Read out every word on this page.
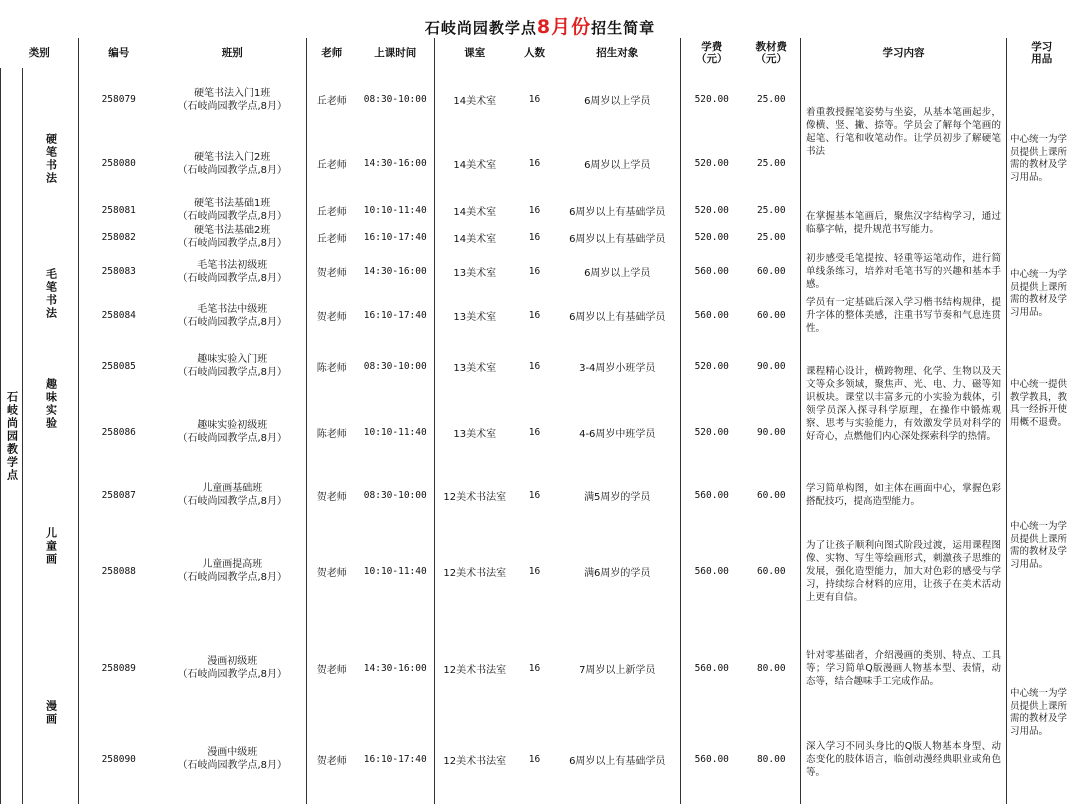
石岐尚园教学点8月份招生简章
类别		编号	班别	老师	上课时间	课室	人数	招生对象	学费
（元）	教材费
（元）	学习内容	学习
用品
石岐尚园教学点	硬笔书法	258079	硬笔书法入门1班
（石岐尚园教学点,8月）	丘老师	08:30-10:00	14美术室	16	6周岁以上学员	520.00	25.00	着重教授握笔姿势与坐姿，从基本笔画起步，像横、竖、撇、捺等。学员会了解每个笔画的起笔、行笔和收笔动作。让学员初步了解硬笔书法	中心统一为学员提供上课所需的教材及学习用品。
		258080	硬笔书法入门2班
（石岐尚园教学点,8月）	丘老师	14:30-16:00	14美术室	16	6周岁以上学员	520.00	25.00		
		258081	硬笔书法基础1班
（石岐尚园教学点,8月）	丘老师	10:10-11:40	14美术室	16	6周岁以上有基础学员	520.00	25.00	在掌握基本笔画后，聚焦汉字结构学习，通过临摹字帖，提升规范书写能力。	
		258082	硬笔书法基础2班
（石岐尚园教学点,8月）	丘老师	16:10-17:40	14美术室	16	6周岁以上有基础学员	520.00	25.00		
	毛笔书法	258083	毛笔书法初级班
（石岐尚园教学点,8月）	贺老师	14:30-16:00	13美术室	16	6周岁以上学员	560.00	60.00	初步感受毛笔提按、轻重等运笔动作，进行简单线条练习，培养对毛笔书写的兴趣和基本手感。	中心统一为学员提供上课所需的教材及学习用品。
		258084	毛笔书法中级班
（石岐尚园教学点,8月）	贺老师	16:10-17:40	13美术室	16	6周岁以上有基础学员	560.00	60.00	学员有一定基础后深入学习楷书结构规律，提升字体的整体美感，注重书写节奏和气息连贯性。	
	趣味实验	258085	趣味实验入门班
（石岐尚园教学点,8月）	陈老师	08:30-10:00	13美术室	16	3-4周岁小班学员	520.00	90.00	课程精心设计，横跨物理、化学、生物以及天文等众多领域，聚焦声、光、电、力、磁等知识板块。课堂以丰富多元的小实验为载体，引领学员深入探寻科学原理，在操作中锻炼观察、思考与实验能力，有效激发学员对科学的好奇心，点燃他们内心深处探索科学的热情。	中心统一提供教学教具，教具一经拆开使用概不退费。
		258086	趣味实验初级班
（石岐尚园教学点,8月）	陈老师	10:10-11:40	13美术室	16	4-6周岁中班学员	520.00	90.00		
	儿童画	258087	儿童画基础班
（石岐尚园教学点,8月）	贺老师	08:30-10:00	12美术书法室	16	满5周岁的学员	560.00	60.00	学习简单构图，如主体在画面中心，掌握色彩搭配技巧，提高造型能力。	中心统一为学员提供上课所需的教材及学习用品。
		258088	儿童画提高班
（石岐尚园教学点,8月）	贺老师	10:10-11:40	12美术书法室	16	满6周岁的学员	560.00	60.00	为了让孩子顺利向图式阶段过渡，运用课程图像、实物、写生等绘画形式，刺激孩子思维的发展，强化造型能力，加大对色彩的感受与学习，持续综合材料的应用，让孩子在美术活动上更有自信。	
	漫画	258089	漫画初级班
（石岐尚园教学点,8月）	贺老师	14:30-16:00	12美术书法室	16	7周岁以上新学员	560.00	80.00	针对零基础者，介绍漫画的类别、特点、工具等；学习简单Q版漫画人物基本型、表情，动态等，结合趣味手工完成作品。	中心统一为学员提供上课所需的教材及学习用品。
		258090	漫画中级班
（石岐尚园教学点,8月）	贺老师	16:10-17:40	12美术书法室	16	6周岁以上有基础学员	560.00	80.00	深入学习不同头身比的Q版人物基本身型、动态变化的肢体语言，临创动漫经典职业或角色等。	
